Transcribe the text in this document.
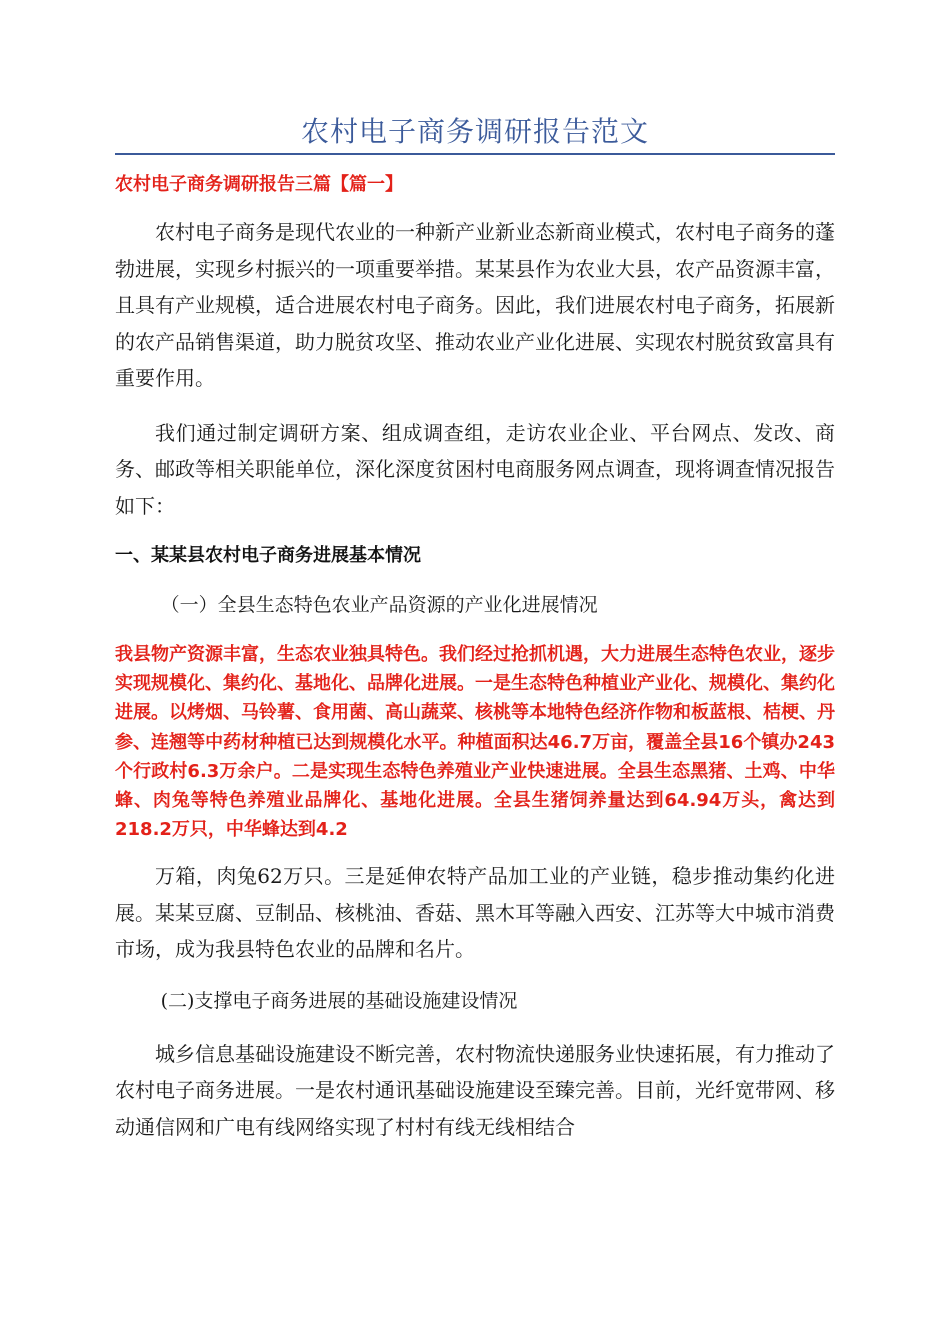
农村电子商务调研报告范文
农村电子商务调研报告三篇【篇一】

农村电子商务是现代农业的一种新产业新业态新商业模式，农村电子商务的蓬勃进展，实现乡村振兴的一项重要举措。某某县作为农业大县，农产品资源丰富，且具有产业规模，适合进展农村电子商务。因此，我们进展农村电子商务，拓展新的农产品销售渠道，助力脱贫攻坚、推动农业产业化进展、实现农村脱贫致富具有重要作用。

我们通过制定调研方案、组成调查组，走访农业企业、平台网点、发改、商务、邮政等相关职能单位，深化深度贫困村电商服务网点调查，现将调查情况报告如下：

一、某某县农村电子商务进展基本情况
（一）全县生态特色农业产品资源的产业化进展情况

我县物产资源丰富，生态农业独具特色。我们经过抢抓机遇，大力进展生态特色农业，逐步实现规模化、集约化、基地化、品牌化进展。一是生态特色种植业产业化、规模化、集约化进展。以烤烟、马铃薯、食用菌、高山蔬菜、核桃等本地特色经济作物和板蓝根、桔梗、丹参、连翘等中药材种植已达到规模化水平。种植面积达46.7万亩，覆盖全县16个镇办243个行政村6.3万余户。二是实现生态特色养殖业产业快速进展。全县生态黑猪、土鸡、中华蜂、肉兔等特色养殖业品牌化、基地化进展。全县生猪饲养量达到64.94万头，禽达到218.2万只，中华蜂达到4.2

万箱，肉兔62万只。三是延伸农特产品加工业的产业链，稳步推动集约化进展。某某豆腐、豆制品、核桃油、香菇、黑木耳等融入西安、江苏等大中城市消费市场，成为我县特色农业的品牌和名片。

(二)支撑电子商务进展的基础设施建设情况

城乡信息基础设施建设不断完善，农村物流快递服务业快速拓展，有力推动了农村电子商务进展。一是农村通讯基础设施建设至臻完善。目前，光纤宽带网、移动通信网和广电有线网络实现了村村有线无线相结合
